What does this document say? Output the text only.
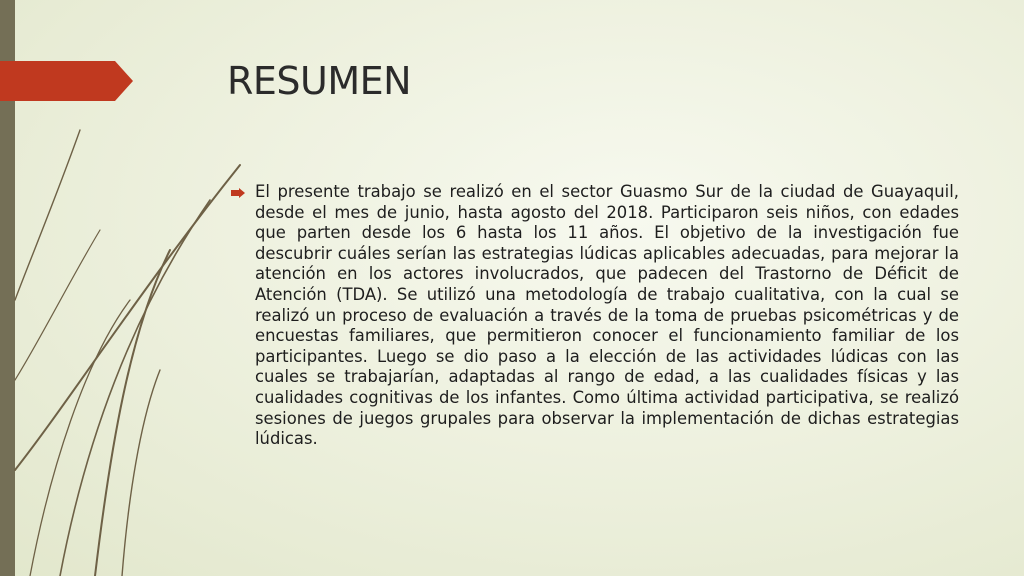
RESUMEN
El presente trabajo se realizó en el sector Guasmo Sur de la ciudad de Guayaquil, desde el mes de junio, hasta agosto del 2018. Participaron seis niños, con edades que parten desde los 6 hasta los 11 años. El objetivo de la investigación fue descubrir cuáles serían las estrategias lúdicas aplicables adecuadas, para mejorar la atención en los actores involucrados, que padecen del Trastorno de Déficit de Atención (TDA). Se utilizó una metodología de trabajo cualitativa, con la cual se realizó un proceso de evaluación a través de la toma de pruebas psicométricas y de encuestas familiares, que permitieron conocer el funcionamiento familiar de los participantes. Luego se dio paso a la elección de las actividades lúdicas con las cuales se trabajarían, adaptadas al rango de edad, a las cualidades físicas y las cualidades cognitivas de los infantes. Como última actividad participativa, se realizó sesiones de juegos grupales para observar la implementación de dichas estrategias lúdicas.
